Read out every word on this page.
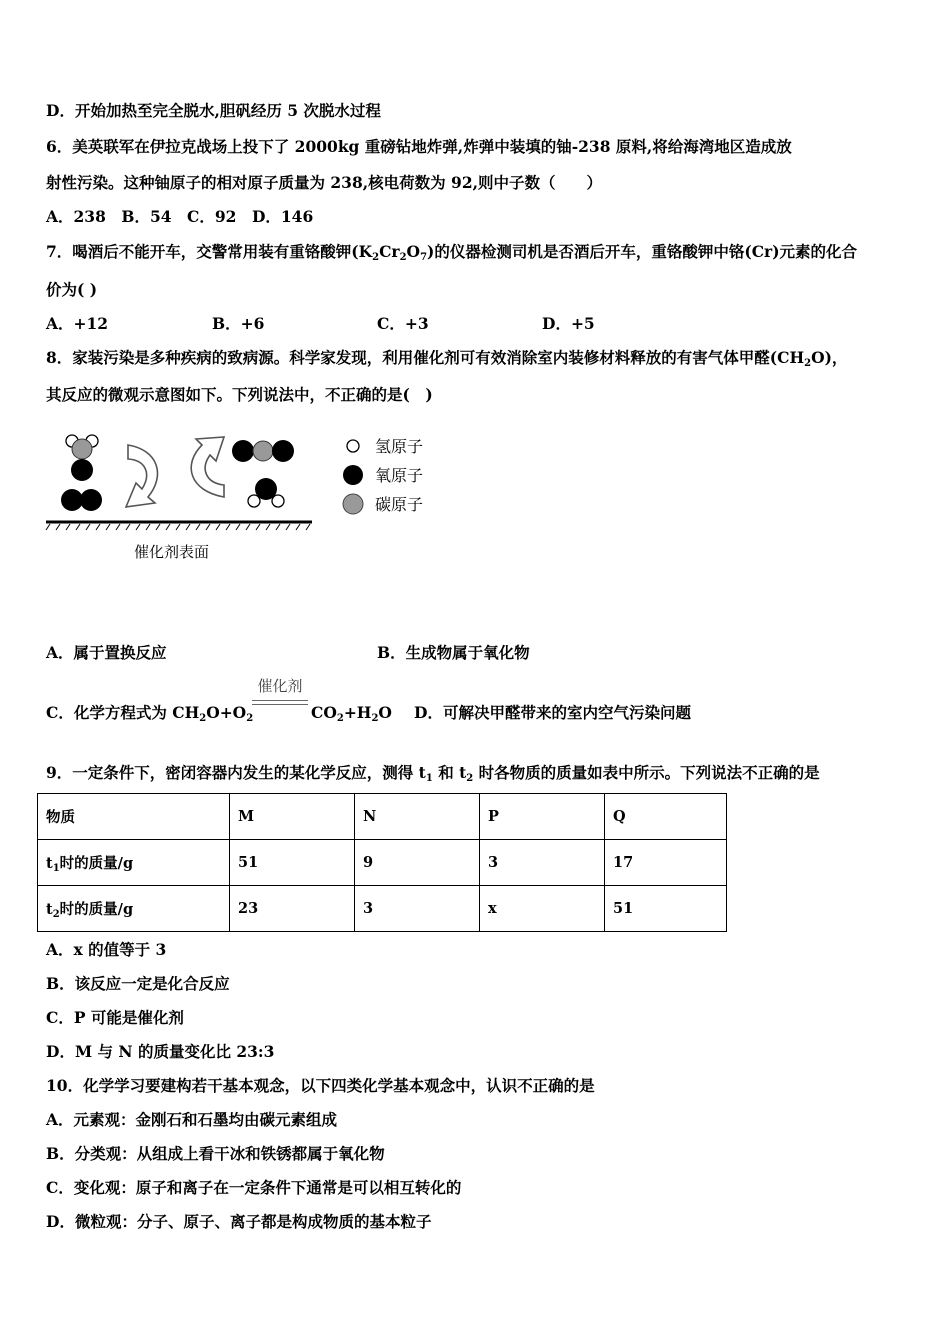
D．开始加热至完全脱水,胆矾经历 5 次脱水过程
6．美英联军在伊拉克战场上投下了 2000kg 重磅钻地炸弹,炸弹中装填的铀-238 原料,将给海湾地区造成放
射性污染。这种铀原子的相对原子质量为 238,核电荷数为 92,则中子数（　　）
A．238　B．54　C．92　D．146
7．喝酒后不能开车，交警常用装有重铬酸钾$(K_2Cr_2O_7)$的仪器检测司机是否酒后开车，重铬酸钾中铬(Cr)元素的化合
价为( )
A．+12	B．+6	C．+3	D．+5
8．家装污染是多种疾病的致病源。科学家发现，利用催化剂可有效消除室内装修材料释放的有害气体甲醛$(CH_2O)$，
其反应的微观示意图如下。下列说法中，不正确的是(　)
催化剂表面
氢原子
氧原子
碳原子
A．属于置换反应	B．生成物属于氧化物
C．化学方程式为 $CH_2O+O_2$
催化剂
$CO_2+H_2O$ D．可解决甲醛带来的室内空气污染问题
9．一定条件下，密闭容器内发生的某化学反应，测得 $t_1$ 和 $t_2$ 时各物质的质量如表中所示。下列说法不正确的是
物质	M	N	P	Q
$t_1$时的质量/g	51	9	3	17
$t_2$时的质量/g	23	3	x	51
A．x 的值等于 3
B．该反应一定是化合反应
C．P 可能是催化剂
D．M 与 N 的质量变化比 23:3
10．化学学习要建构若干基本观念，以下四类化学基本观念中，认识不正确的是
A．元素观：金刚石和石墨均由碳元素组成
B．分类观：从组成上看干冰和铁锈都属于氧化物
C．变化观：原子和离子在一定条件下通常是可以相互转化的
D．微粒观：分子、原子、离子都是构成物质的基本粒子
